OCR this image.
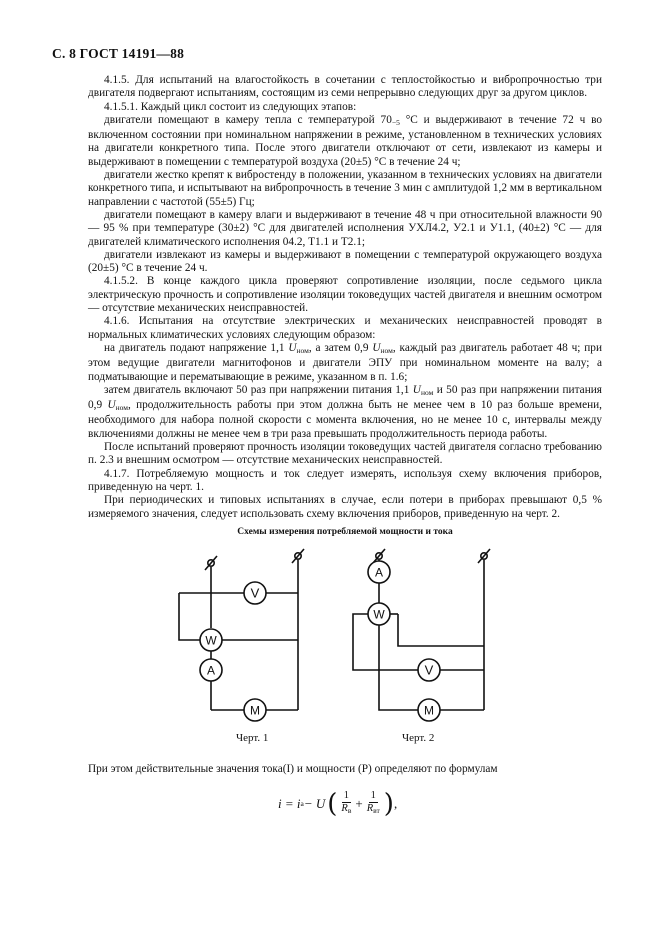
С. 8 ГОСТ 14191—88

4.1.5. Для испытаний на влагостойкость в сочетании с теплостойкостью и вибропрочностью три двигателя подвергают испытаниям, состоящим из семи непрерывно следующих друг за другом циклов.

4.1.5.1. Каждый цикл состоит из следующих этапов:

двигатели помещают в камеру тепла с температурой $70_{-5}$ °С и выдерживают в течение 72 ч во включенном состоянии при номинальном напряжении в режиме, установленном в технических условиях на двигатели конкретного типа. После этого двигатели отключают от сети, извлекают из камеры и выдерживают в помещении с температурой воздуха (20±5) °С в течение 24 ч;

двигатели жестко крепят к вибростенду в положении, указанном в технических условиях на двигатели конкретного типа, и испытывают на вибропрочность в течение 3 мин с амплитудой 1,2 мм в вертикальном направлении с частотой (55±5) Гц;

двигатели помещают в камеру влаги и выдерживают в течение 48 ч при относительной влажности 90 — 95 % при температуре (30±2) °С для двигателей исполнения УХЛ4.2, У2.1 и У1.1, (40±2) °С — для двигателей климатического исполнения 04.2, Т1.1 и Т2.1;

двигатели извлекают из камеры и выдерживают в помещении с температурой окружающего воздуха (20±5) °С в течение 24 ч.

4.1.5.2. В конце каждого цикла проверяют сопротивление изоляции, после седьмого цикла электрическую прочность и сопротивление изоляции токоведущих частей двигателя и внешним осмотром — отсутствие механических неисправностей.

4.1.6. Испытания на отсутствие электрических и механических неисправностей проводят в нормальных климатических условиях следующим образом:

на двигатель подают напряжение 1,1 $U_{ном}$, а затем 0,9 $U_{ном}$, каждый раз двигатель работает 48 ч; при этом ведущие двигатели магнитофонов и двигатели ЭПУ при номинальном моменте на валу; а подматывающие и перематывающие в режиме, указанном в п. 1.6;

затем двигатель включают 50 раз при напряжении питания 1,1 $U_{ном}$ и 50 раз при напряжении питания 0,9 $U_{ном}$, продолжительность работы при этом должна быть не менее чем в 10 раз больше времени, необходимого для набора полной скорости с момента включения, но не менее 10 с, интервалы между включениями должны не менее чем в три раза превышать продолжительность периода работы.

После испытаний проверяют прочность изоляции токоведущих частей двигателя согласно требованию п. 2.3 и внешним осмотром — отсутствие механических неисправностей.

4.1.7. Потребляемую мощность и ток следует измерять, используя схему включения приборов, приведенную на черт. 1.

При периодических и типовых испытаниях в случае, если потери в приборах превышают 0,5 % измеряемого значения, следует использовать схему включения приборов, приведенную на черт. 2.

Схемы измерения потребляемой мощности и тока
V
W
A
M
A
W
V
M
Черт. 1	Черт. 2
При этом действительные значения тока(I) и мощности (P) определяют по формулам
i = i а − U ( $\frac{1}{R_в} + \frac{1}{R_{вт}}$ ) ,
